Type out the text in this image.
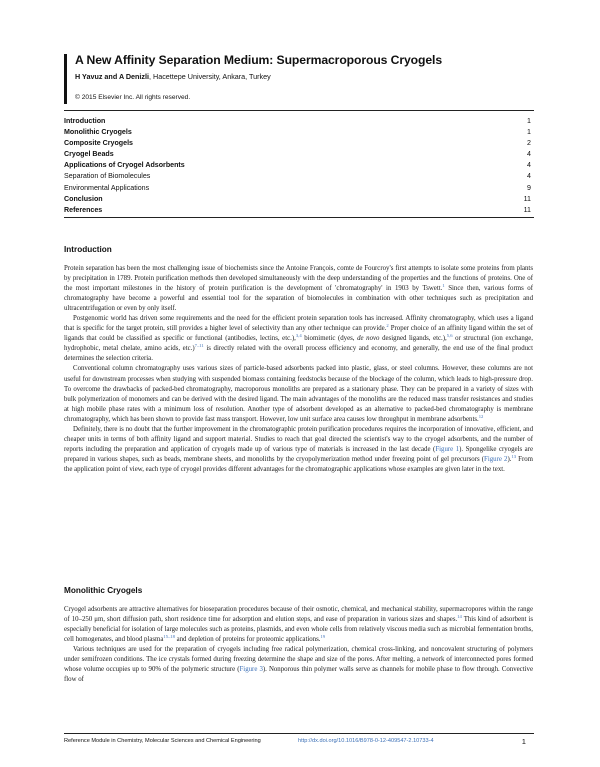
A New Affinity Separation Medium: Supermacroporous Cryogels
H Yavuz and A Denizli, Hacettepe University, Ankara, Turkey
© 2015 Elsevier Inc. All rights reserved.
Introduction	1
Monolithic Cryogels	1
Composite Cryogels	2
Cryogel Beads	4
Applications of Cryogel Adsorbents	4
Separation of Biomolecules	4
Environmental Applications	9
Conclusion	11
References	11
Introduction

Protein separation has been the most challenging issue of biochemists since the Antoine François, comte de Fourcroy's first attempts to isolate some proteins from plants by precipitation in 1789. Protein purification methods then developed simultaneously with the deep understanding of the properties and the functions of proteins. One of the most important milestones in the history of protein purification is the development of 'chromatography' in 1903 by Tswett.$^1$ Since then, various forms of chromatography have become a powerful and essential tool for the separation of biomolecules in combination with other techniques such as precipitation and ultracentrifugation or even by only itself.

Postgenomic world has driven some requirements and the need for the efficient protein separation tools has increased. Affinity chromatography, which uses a ligand that is specific for the target protein, still provides a higher level of selectivity than any other technique can provide.$^2$ Proper choice of an affinity ligand within the set of ligands that could be classified as specific or functional (antibodies, lectins, etc.),$^{3,4}$ biomimetic (dyes, de novo designed ligands, etc.),$^{5,6}$ or structural (ion exchange, hydrophobic, metal chelate, amino acids, etc.)$^{7-11}$ is directly related with the overall process efficiency and economy, and generally, the end use of the final product determines the selection criteria.

Conventional column chromatography uses various sizes of particle-based adsorbents packed into plastic, glass, or steel columns. However, these columns are not useful for downstream processes when studying with suspended biomass containing feedstocks because of the blockage of the column, which leads to high-pressure drop. To overcome the drawbacks of packed-bed chromatography, macroporous monoliths are prepared as a stationary phase. They can be prepared in a variety of sizes with bulk polymerization of monomers and can be derived with the desired ligand. The main advantages of the monoliths are the reduced mass transfer resistances and studies at high mobile phase rates with a minimum loss of resolution. Another type of adsorbent developed as an alternative to packed-bed chromatography is membrane chromatography, which has been shown to provide fast mass transport. However, low unit surface area causes low throughput in membrane adsorbents.$^{12}$

Definitely, there is no doubt that the further improvement in the chromatographic protein purification procedures requires the incorporation of innovative, efficient, and cheaper units in terms of both affinity ligand and support material. Studies to reach that goal directed the scientist's way to the cryogel adsorbents, and the number of reports including the preparation and application of cryogels made up of various type of materials is increased in the last decade (Figure 1). Spongelike cryogels are prepared in various shapes, such as beads, membrane sheets, and monoliths by the cryopolymerization method under freezing point of gel precursors (Figure 2).$^{13}$ From the application point of view, each type of cryogel provides different advantages for the chromatographic applications whose examples are given later in the text.

Monolithic Cryogels

Cryogel adsorbents are attractive alternatives for bioseparation procedures because of their osmotic, chemical, and mechanical stability, supermacropores within the range of 10–250 μm, short diffusion path, short residence time for adsorption and elution steps, and ease of preparation in various sizes and shapes.$^{14}$ This kind of adsorbent is especially beneficial for isolation of large molecules such as proteins, plasmids, and even whole cells from relatively viscous media such as microbial fermentation broths, cell homogenates, and blood plasma$^{15-18}$ and depletion of proteins for proteomic applications.$^{19}$

Various techniques are used for the preparation of cryogels including free radical polymerization, chemical cross-linking, and noncovalent structuring of polymers under semifrozen conditions. The ice crystals formed during freezing determine the shape and size of the pores. After melting, a network of interconnected pores formed whose volume occupies up to 90% of the polymeric structure (Figure 3). Nonporous thin polymer walls serve as channels for mobile phase to flow through. Convective flow of

Reference Module in Chemistry, Molecular Sciences and Chemical Engineering	http://dx.doi.org/10.1016/B978-0-12-409547-2.10733-4	1
